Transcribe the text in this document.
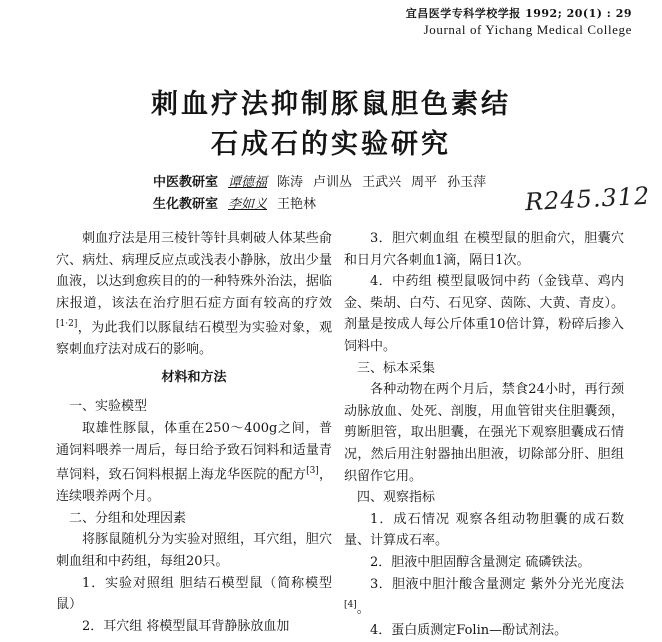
宜昌医学专科学校学报 1992; 20(1) : 29
Journal of Yichang Medical College
刺血疗法抑制豚鼠胆色素结
石成石的实验研究
中医教研室 谭德福 陈涛 卢训丛 王武兴 周平 孙玉萍
生化教研室 李如义 王艳林	R245.312

刺血疗法是用三棱针等针具刺破人体某些俞穴、病灶、病理反应点或浅表小静脉，放出少量血液，以达到愈疾目的的一种特殊外治法，据临床报道，该法在治疗胆石症方面有较高的疗效[1·2]，为此我们以豚鼠结石模型为实验对象，观察刺血疗法对成石的影响。

材料和方法

一、实验模型

取雄性豚鼠，体重在250～400g之间，普通饲料喂养一周后，每日给予致石饲料和适量青草饲料，致石饲料根据上海龙华医院的配方[3]，连续喂养两个月。

二、分组和处理因素

将豚鼠随机分为实验对照组，耳穴组，胆穴刺血组和中药组，每组20只。

1．实验对照组 胆结石模型鼠（简称模型鼠）

2．耳穴组 将模型鼠耳背静脉放血加

3．胆穴刺血组 在模型鼠的胆俞穴，胆囊穴和日月穴各刺血1滴，隔日1次。

4．中药组 模型鼠吸饲中药（金钱草、鸡内金、柴胡、白芍、石见穿、茵陈、大黄、青皮）。剂量是按成人每公斤体重10倍计算，粉碎后掺入饲料中。

三、标本采集

各种动物在两个月后，禁食24小时，再行颈动脉放血、处死、剖腹，用血管钳夹住胆囊颈，剪断胆管，取出胆囊，在强光下观察胆囊成石情况，然后用注射器抽出胆液，切除部分肝、胆组织留作它用。

四、观察指标

1．成石情况 观察各组动物胆囊的成石数量、计算成石率。

2．胆液中胆固醇含量测定 硫磷铁法。

3．胆液中胆汁酸含量测定 紫外分光光度法[4]。

4．蛋白质测定Folin—酚试剂法。
